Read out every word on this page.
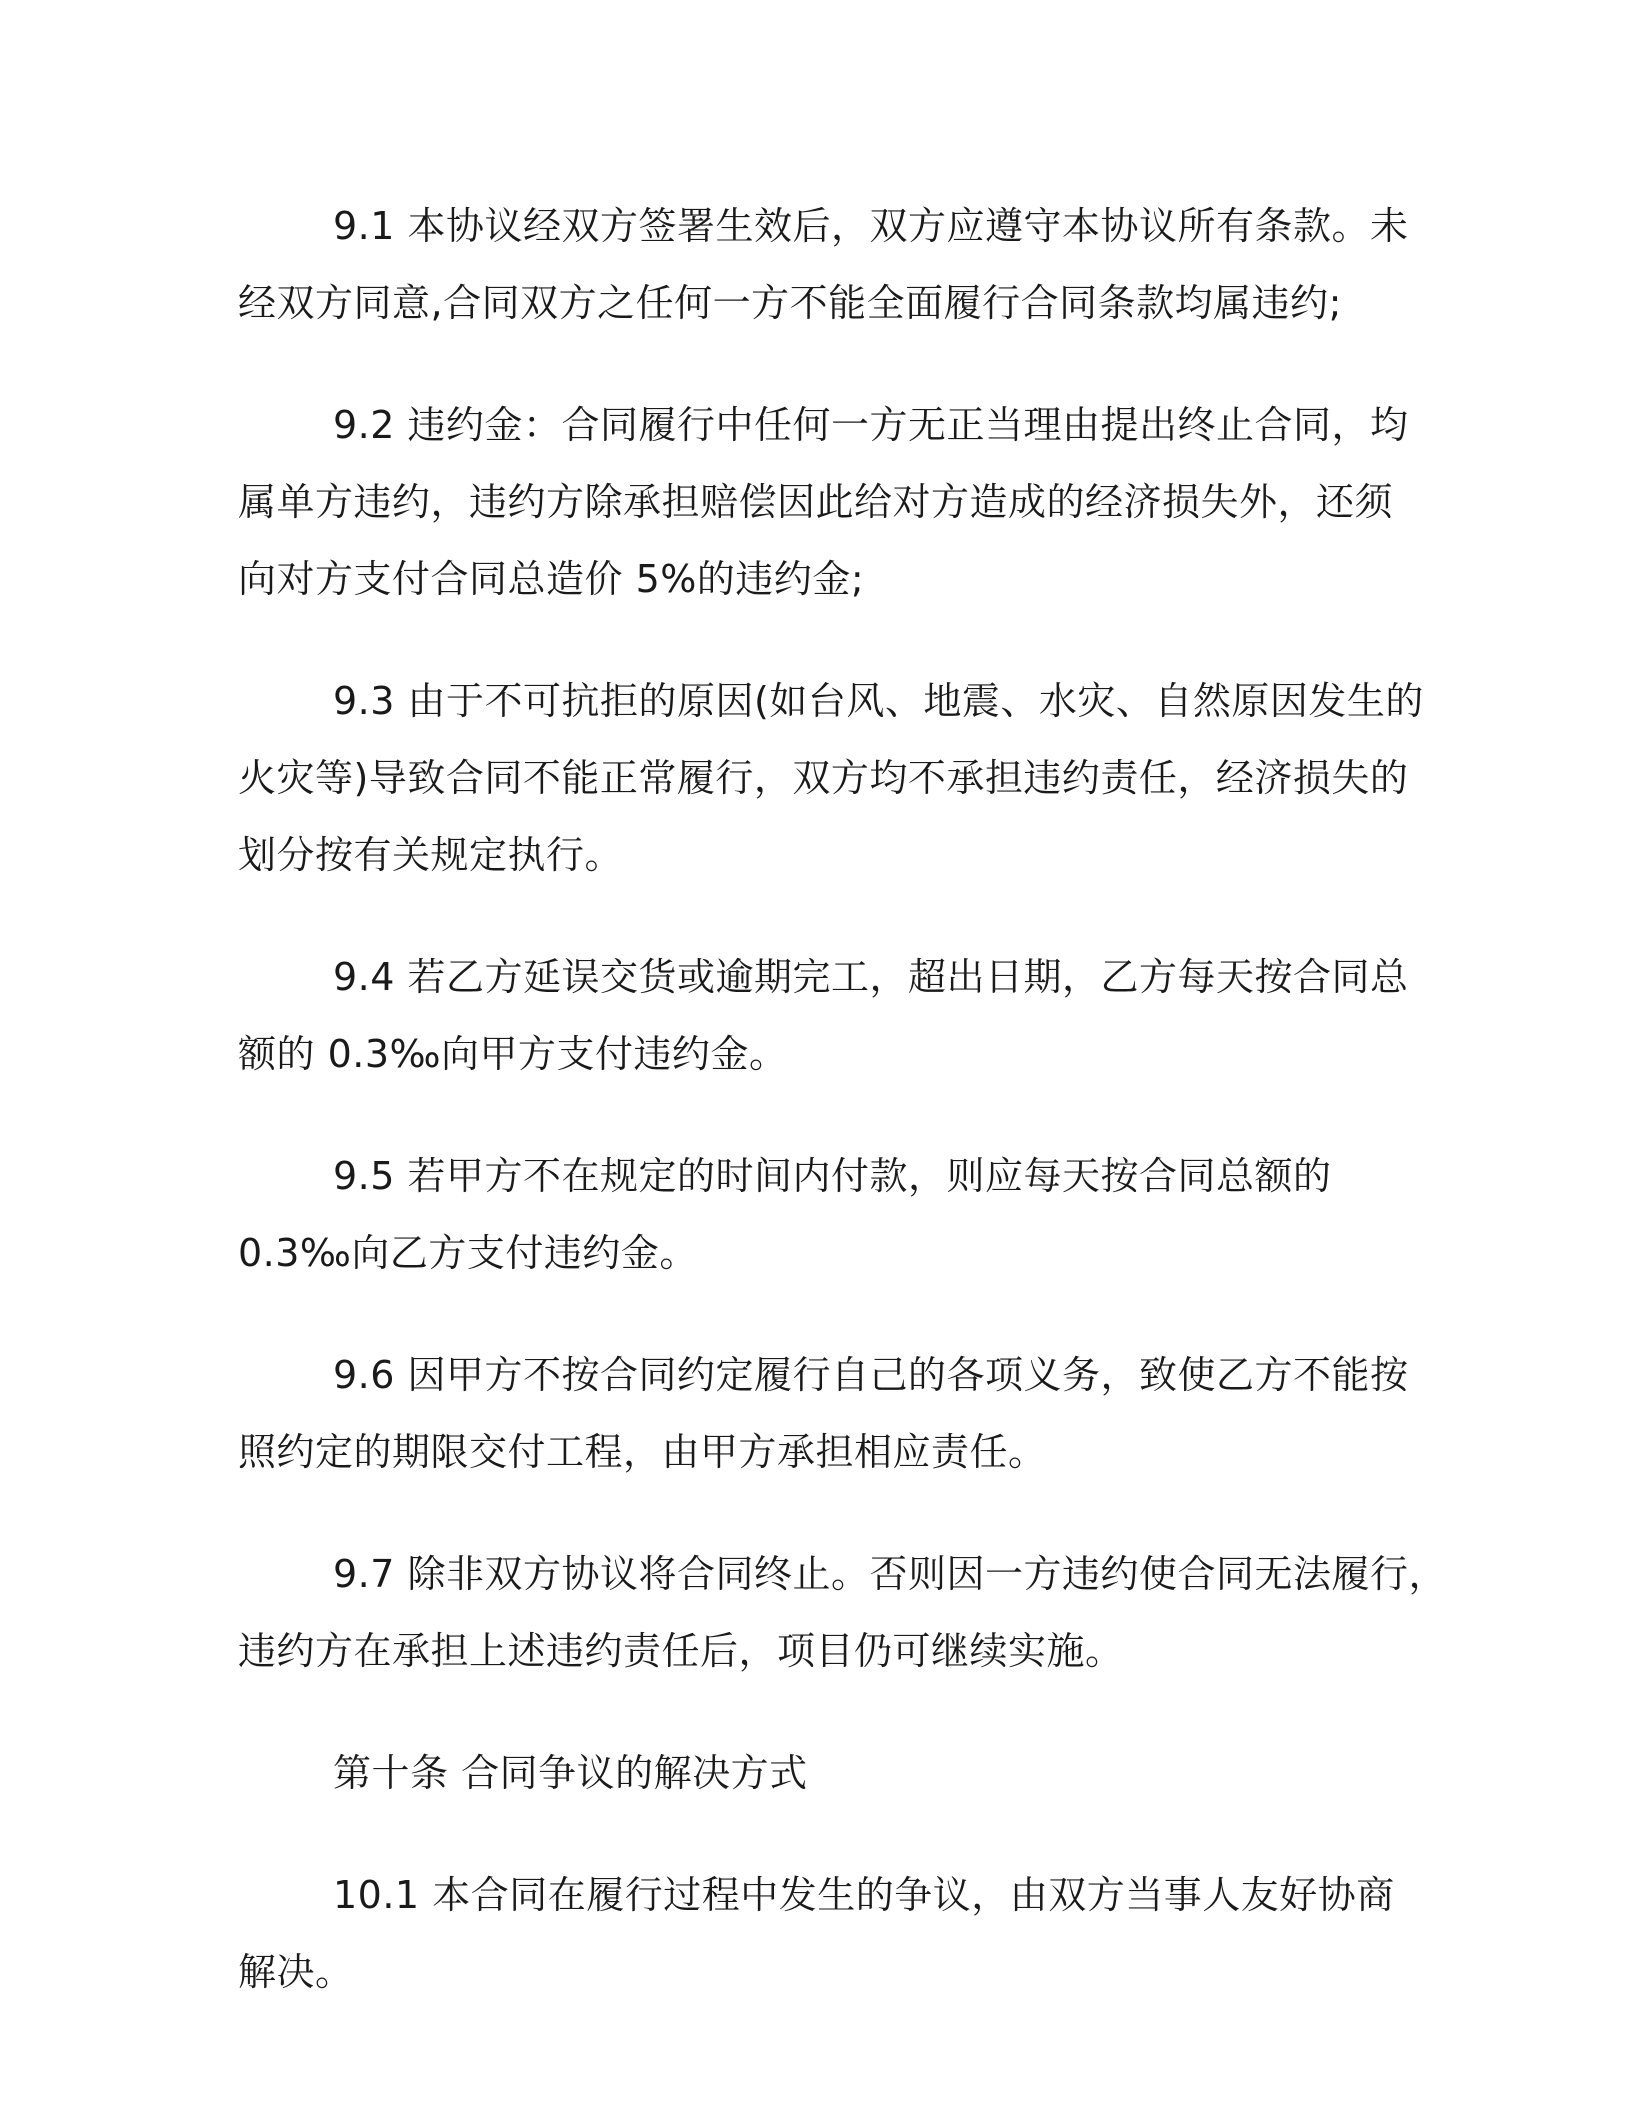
9.1 本协议经双方签署生效后，双方应遵守本协议所有条款。未
经双方同意,合同双方之任何一方不能全面履行合同条款均属违约;
9.2 违约金：合同履行中任何一方无正当理由提出终止合同，均
属单方违约，违约方除承担赔偿因此给对方造成的经济损失外，还须
向对方支付合同总造价 5%的违约金;
9.3 由于不可抗拒的原因(如台风、地震、水灾、自然原因发生的
火灾等)导致合同不能正常履行，双方均不承担违约责任，经济损失的
划分按有关规定执行。
9.4 若乙方延误交货或逾期完工，超出日期，乙方每天按合同总
额的 0.3‰向甲方支付违约金。
9.5 若甲方不在规定的时间内付款，则应每天按合同总额的
0.3‰向乙方支付违约金。
9.6 因甲方不按合同约定履行自己的各项义务，致使乙方不能按
照约定的期限交付工程，由甲方承担相应责任。
9.7 除非双方协议将合同终止。否则因一方违约使合同无法履行，
违约方在承担上述违约责任后，项目仍可继续实施。
第十条 合同争议的解决方式
10.1 本合同在履行过程中发生的争议，由双方当事人友好协商
解决。
